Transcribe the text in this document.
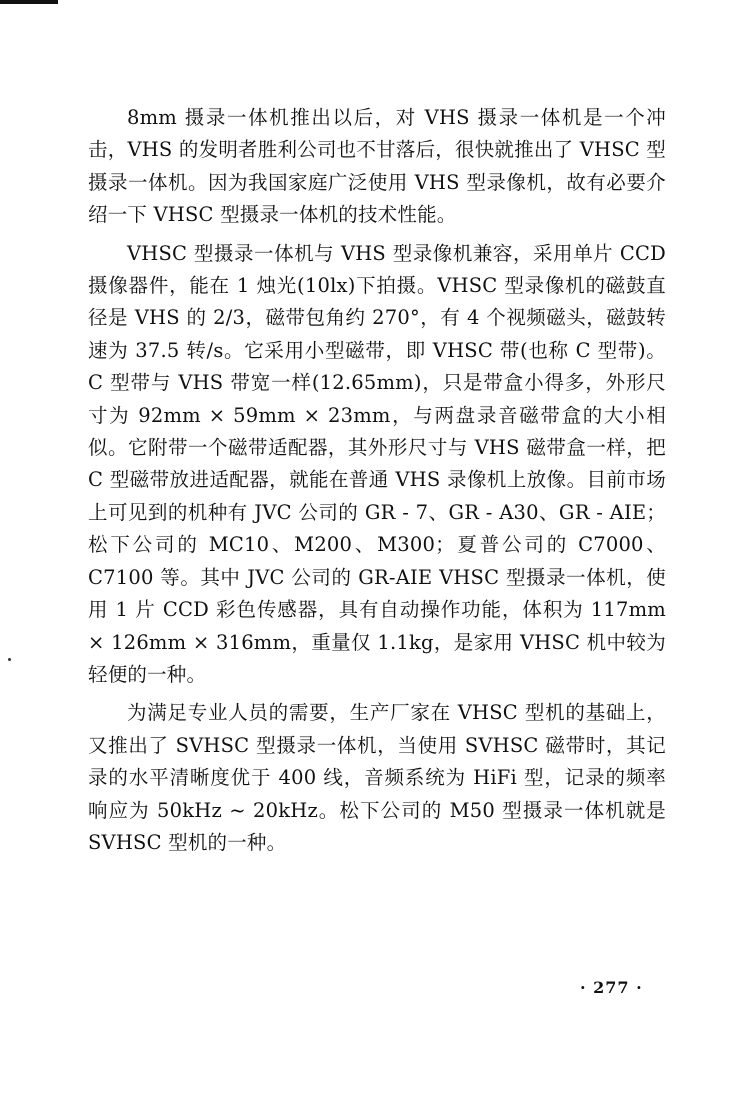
8mm 摄录一体机推出以后，对 VHS 摄录一体机是一个冲击，VHS 的发明者胜利公司也不甘落后，很快就推出了 VHSC 型摄录一体机。因为我国家庭广泛使用 VHS 型录像机，故有必要介绍一下 VHSC 型摄录一体机的技术性能。

VHSC 型摄录一体机与 VHS 型录像机兼容，采用单片 CCD 摄像器件，能在 1 烛光(10lx)下拍摄。VHSC 型录像机的磁鼓直径是 VHS 的 2/3，磁带包角约 270°，有 4 个视频磁头，磁鼓转速为 37.5 转/s。它采用小型磁带，即 VHSC 带(也称 C 型带)。C 型带与 VHS 带宽一样(12.65mm)，只是带盒小得多，外形尺寸为 92mm × 59mm × 23mm，与两盘录音磁带盒的大小相似。它附带一个磁带适配器，其外形尺寸与 VHS 磁带盒一样，把 C 型磁带放进适配器，就能在普通 VHS 录像机上放像。目前市场上可见到的机种有 JVC 公司的 GR - 7、GR - A30、GR - AIE；松下公司的 MC10、M200、M300；夏普公司的 C7000、C7100 等。其中 JVC 公司的 GR-AIE VHSC 型摄录一体机，使用 1 片 CCD 彩色传感器，具有自动操作功能，体积为 117mm × 126mm × 316mm，重量仅 1.1kg，是家用 VHSC 机中较为轻便的一种。

为满足专业人员的需要，生产厂家在 VHSC 型机的基础上，又推出了 SVHSC 型摄录一体机，当使用 SVHSC 磁带时，其记录的水平清晰度优于 400 线，音频系统为 HiFi 型，记录的频率响应为 50kHz ~ 20kHz。松下公司的 M50 型摄录一体机就是 SVHSC 型机的一种。

· 277 ·
